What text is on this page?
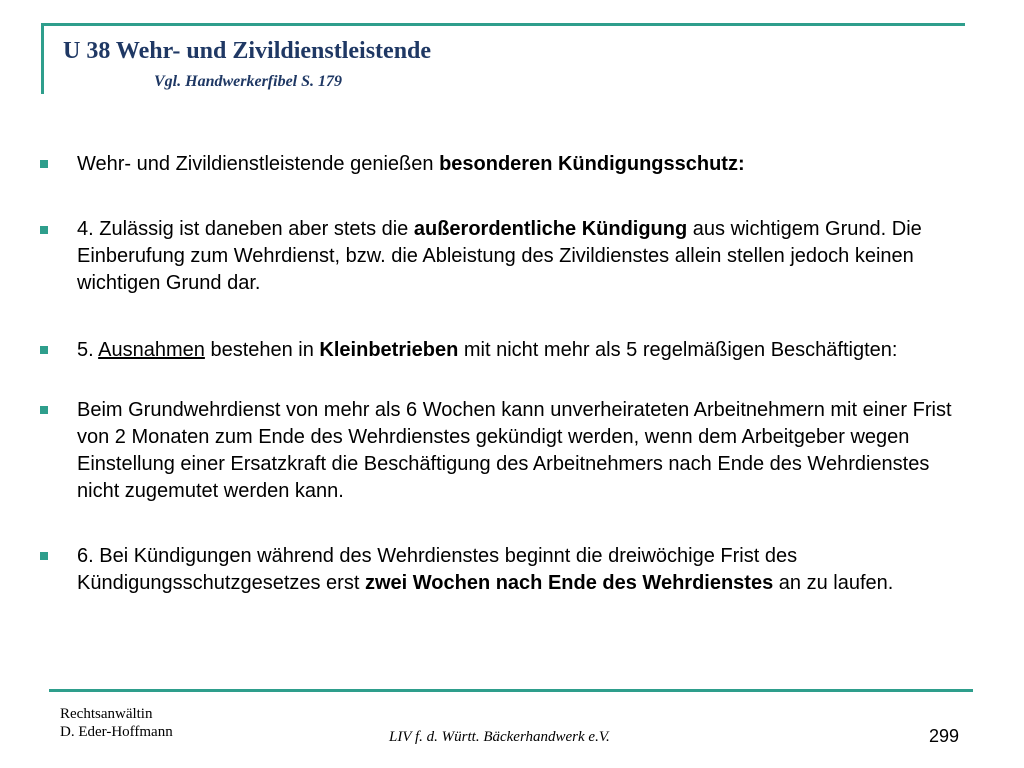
U 38 Wehr- und Zivildienstleistende
Vgl. Handwerkerfibel S. 179
Wehr- und Zivildienstleistende genießen besonderen Kündigungsschutz:
4. Zulässig ist daneben aber stets die außerordentliche Kündigung aus wichtigem Grund. Die Einberufung zum Wehrdienst, bzw. die Ableistung des Zivildienstes allein stellen jedoch keinen wichtigen Grund dar.
5. Ausnahmen bestehen in Kleinbetrieben mit nicht mehr als 5 regelmäßigen Beschäftigten:
Beim Grundwehrdienst von mehr als 6 Wochen kann unverheirateten Arbeitnehmern mit einer Frist von 2 Monaten zum Ende des Wehrdienstes gekündigt werden, wenn dem Arbeitgeber wegen Einstellung einer Ersatzkraft die Beschäftigung des Arbeitnehmers nach Ende des Wehrdienstes nicht zugemutet werden kann.
6. Bei Kündigungen während des Wehrdienstes beginnt die dreiwöchige Frist des Kündigungsschutzgesetzes erst zwei Wochen nach Ende des Wehrdienstes an zu laufen.
Rechtsanwältin
D. Eder-Hoffmann	LIV f. d. Württ. Bäckerhandwerk e.V.	299
